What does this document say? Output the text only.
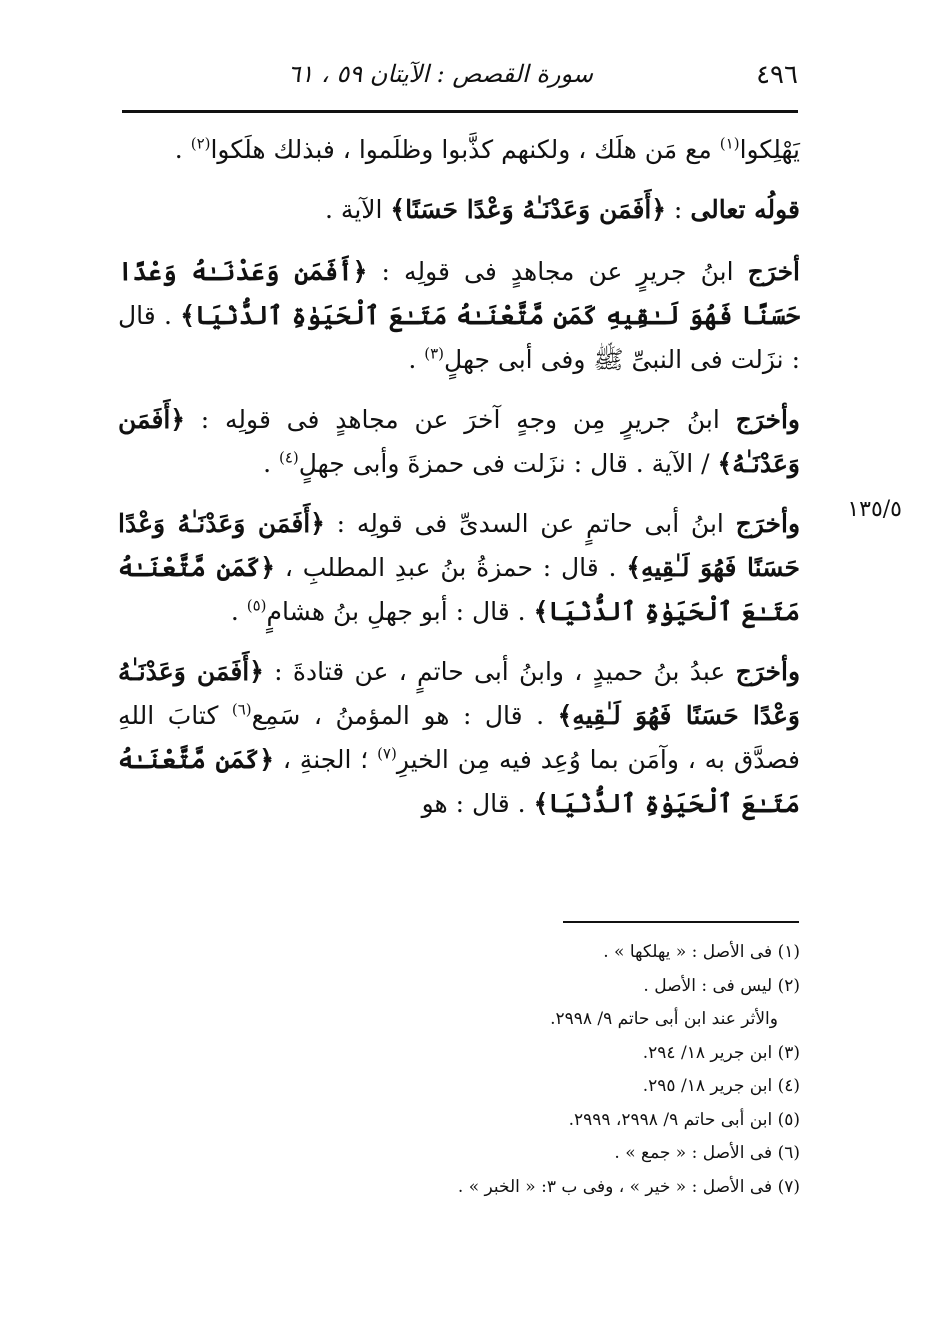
٤٩٦
سورة القصص : الآيتان ٥٩ ، ٦١
١٣٥/٥

يَهْلِكوا$^{(١)}$ مع مَن هلَك ، ولكنهم كذَّبوا وظلَموا ، فبذلك هلَكوا$^{(٢)}$ .

قولُه تعالى : ﴿أَفَمَن وَعَدْنَـٰهُ وَعْدًا حَسَنًا﴾ الآية .

أخرَج ابنُ جريرٍ عن مجاهدٍ فى قولِه : ﴿أَفَمَن وَعَدْنَـٰهُ وَعْدًا حَسَنًا فَهُوَ لَـٰقِيهِ كَمَن مَّتَّعْنَـٰهُ مَتَـٰعَ ٱلْحَيَوٰةِ ٱلدُّنْيَا﴾ . قال : نزَلت فى النبىِّ ﷺ وفى أبى جهلٍ$^{(٣)}$ .

وأخرَج ابنُ جريرٍ مِن وجهٍ آخرَ عن مجاهدٍ فى قولِه : ﴿أَفَمَن وَعَدْنَـٰهُ﴾ / الآية . قال : نزَلت فى حمزةَ وأبى جهلٍ$^{(٤)}$ .

وأخرَج ابنُ أبى حاتمٍ عن السدىِّ فى قولِه : ﴿أَفَمَن وَعَدْنَـٰهُ وَعْدًا حَسَنًا فَهُوَ لَـٰقِيهِ﴾ . قال : حمزةُ بنُ عبدِ المطلبِ ، ﴿كَمَن مَّتَّعْنَـٰهُ مَتَـٰعَ ٱلْحَيَوٰةِ ٱلدُّنْيَا﴾ . قال : أبو جهلِ بنُ هشامٍ$^{(٥)}$ .

وأخرَج عبدُ بنُ حميدٍ ، وابنُ أبى حاتمٍ ، عن قتادةَ : ﴿أَفَمَن وَعَدْنَـٰهُ وَعْدًا حَسَنًا فَهُوَ لَـٰقِيهِ﴾ . قال : هو المؤمنُ ، سَمِع$^{(٦)}$ كتابَ اللهِ فصدَّق به ، وآمَن بما وُعِد فيه مِن الخيرِ$^{(٧)}$ ؛ الجنةِ ، ﴿كَمَن مَّتَّعْنَـٰهُ مَتَـٰعَ ٱلْحَيَوٰةِ ٱلدُّنْيَا﴾ . قال : هو

(١) فى الأصل : « يهلكها » .

(٢) ليس فى : الأصل .

والأثر عند ابن أبى حاتم ٩/ ٢٩٩٨.

(٣) ابن جرير ١٨/ ٢٩٤.

(٤) ابن جرير ١٨/ ٢٩٥.

(٥) ابن أبى حاتم ٩/ ٢٩٩٨، ٢٩٩٩.

(٦) فى الأصل : « جمع » .

(٧) فى الأصل : « خير » ، وفى ب ٣: « الخبر » .
